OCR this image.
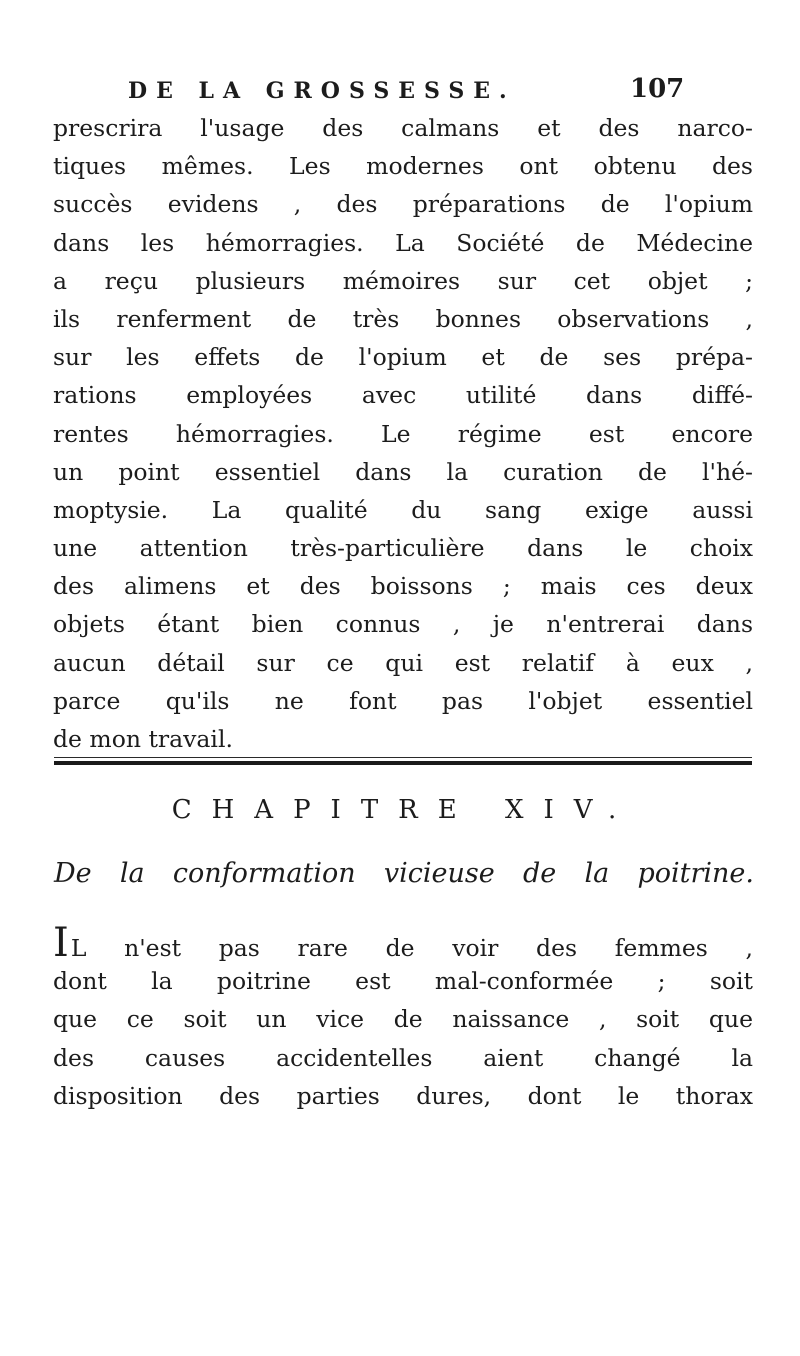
DE LA GROSSESSE.	107
prescrira l'usage des calmans et des narco-
tiques mêmes. Les modernes ont obtenu des
succès evidens , des préparations de l'opium
dans les hémorragies. La Société de Médecine
a reçu plusieurs mémoires sur cet objet ;
ils renferment de très bonnes observations ,
sur les effets de l'opium et de ses prépa-
rations employées avec utilité dans diffé-
rentes hémorragies. Le régime est encore
un point essentiel dans la curation de l'hé-
moptysie. La qualité du sang exige aussi
une attention très-particulière dans le choix
des alimens et des boissons ; mais ces deux
objets étant bien connus , je n'entrerai dans
aucun détail sur ce qui est relatif à eux ,
parce qu'ils ne font pas l'objet essentiel
de mon travail.
CHAPITRE XIV.
De la conformation vicieuse de la poitrine.
I L n'est pas rare de voir des femmes ,
dont la poitrine est mal-conformée ; soit
que ce soit un vice de naissance , soit que
des causes accidentelles aient changé la
disposition des parties dures, dont le thorax
